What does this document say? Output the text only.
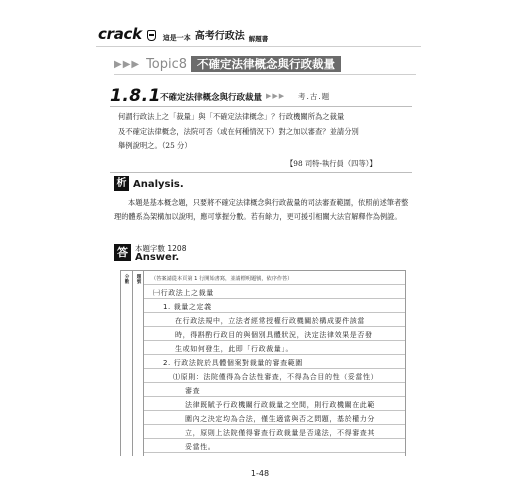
crack	這是一本 高考行政法 解題書
▶▶▶ Topic8 不確定法律概念與行政裁量
1.8.1 不確定法律概念與行政裁量 ▶▶▶ 考.古.題

何謂行政法上之「裁量」與「不確定法律概念」？行政機關所為之裁量

及不確定法律概念，法院可否（或在何種情況下）對之加以審查？並請分別

舉例說明之。（25 分）

【98 司特-執行員（四等）】
析 Analysis.

本題是基本概念題，只要將不確定法律概念與行政裁量的司法審查範圍，依照前述筆者整理的體系為架構加以說明，應可掌握分數。若有餘力，更可援引相關大法官解釋作為例證。

答 本題字數 1208
Answer.
分數
題號
（答案請從本頁第 1 行開始書寫，並請標明題號，依序作答）
㈠行政法上之裁量
1. 裁量之定義
在行政法規中，立法者經常授權行政機關於構成要件該當
時，得斟酌行政目的與個別具體狀況，決定法律效果是否發
生或如何發生，此即「行政裁量」。
2. 行政法院於具體個案對裁量的審查範圍
⑴原則：法院僅得為合法性審查，不得為合目的性（妥當性）
審查
法律既賦予行政機關行政裁量之空間，則行政機關在此範
圍內之決定均為合法，僅生適當與否之問題，基於權力分
立，原則上法院僅得審查行政裁量是否違法，不得審查其
妥當性。
1-48
